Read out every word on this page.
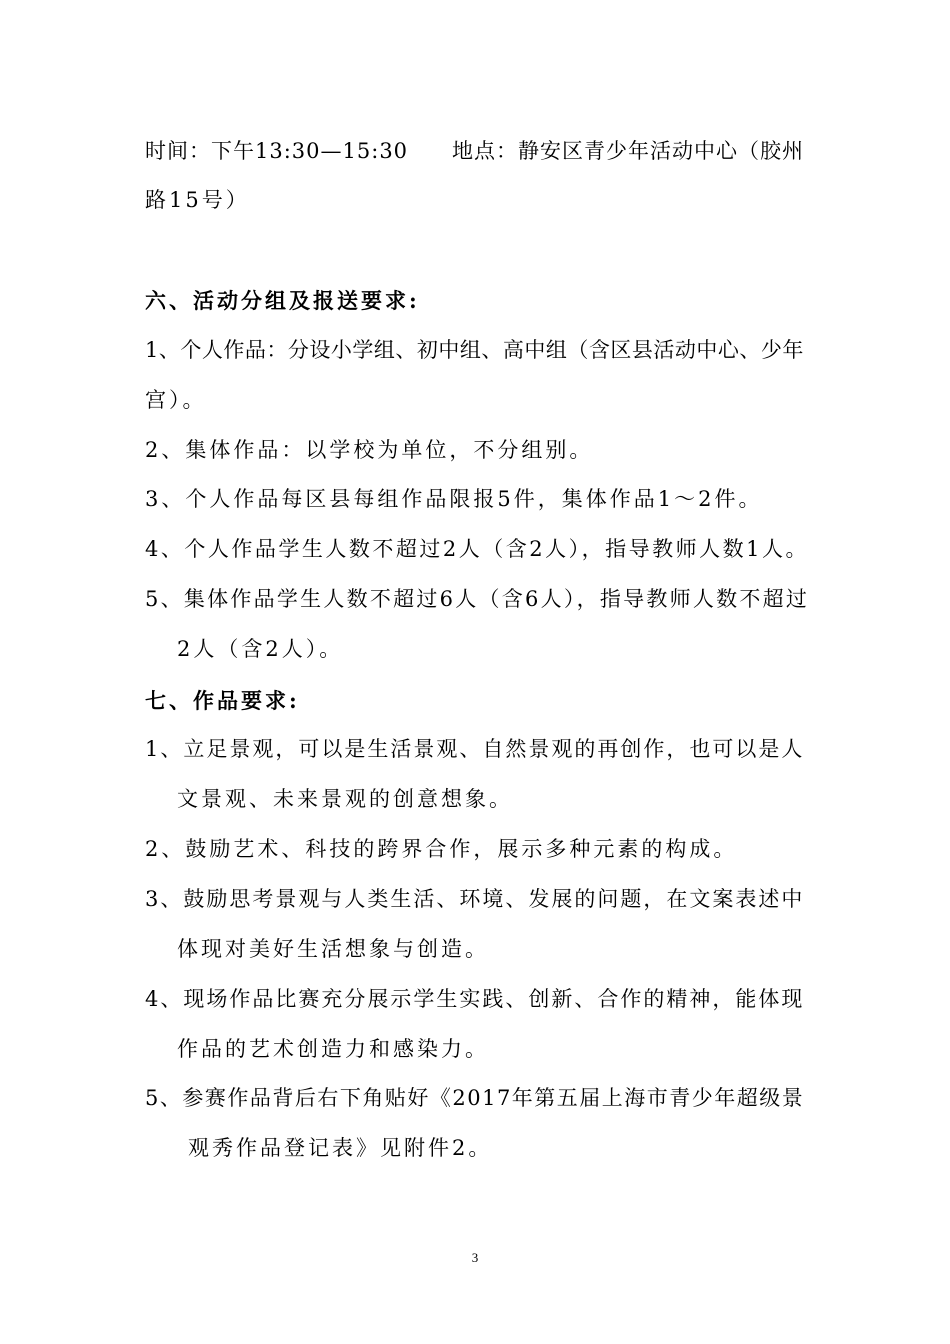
时间：下午13:30—15:30　　地点：静安区青少年活动中心（胶州
路15号）
六、活动分组及报送要求:
1、个人作品：分设小学组、初中组、高中组（含区县活动中心、少年
宫）。
2、集体作品：以学校为单位，不分组别。
3、个人作品每区县每组作品限报5件，集体作品1～2件。
4、个人作品学生人数不超过2人（含2人），指导教师人数1人。
5、集体作品学生人数不超过6人（含6人），指导教师人数不超过
2人（含2人）。
七、作品要求:
1、立足景观，可以是生活景观、自然景观的再创作，也可以是人
文景观、未来景观的创意想象。
2、鼓励艺术、科技的跨界合作，展示多种元素的构成。
3、鼓励思考景观与人类生活、环境、发展的问题，在文案表述中
体现对美好生活想象与创造。
4、现场作品比赛充分展示学生实践、创新、合作的精神，能体现
作品的艺术创造力和感染力。
5、参赛作品背后右下角贴好《2017年第五届上海市青少年超级景
观秀作品登记表》见附件2。
3
